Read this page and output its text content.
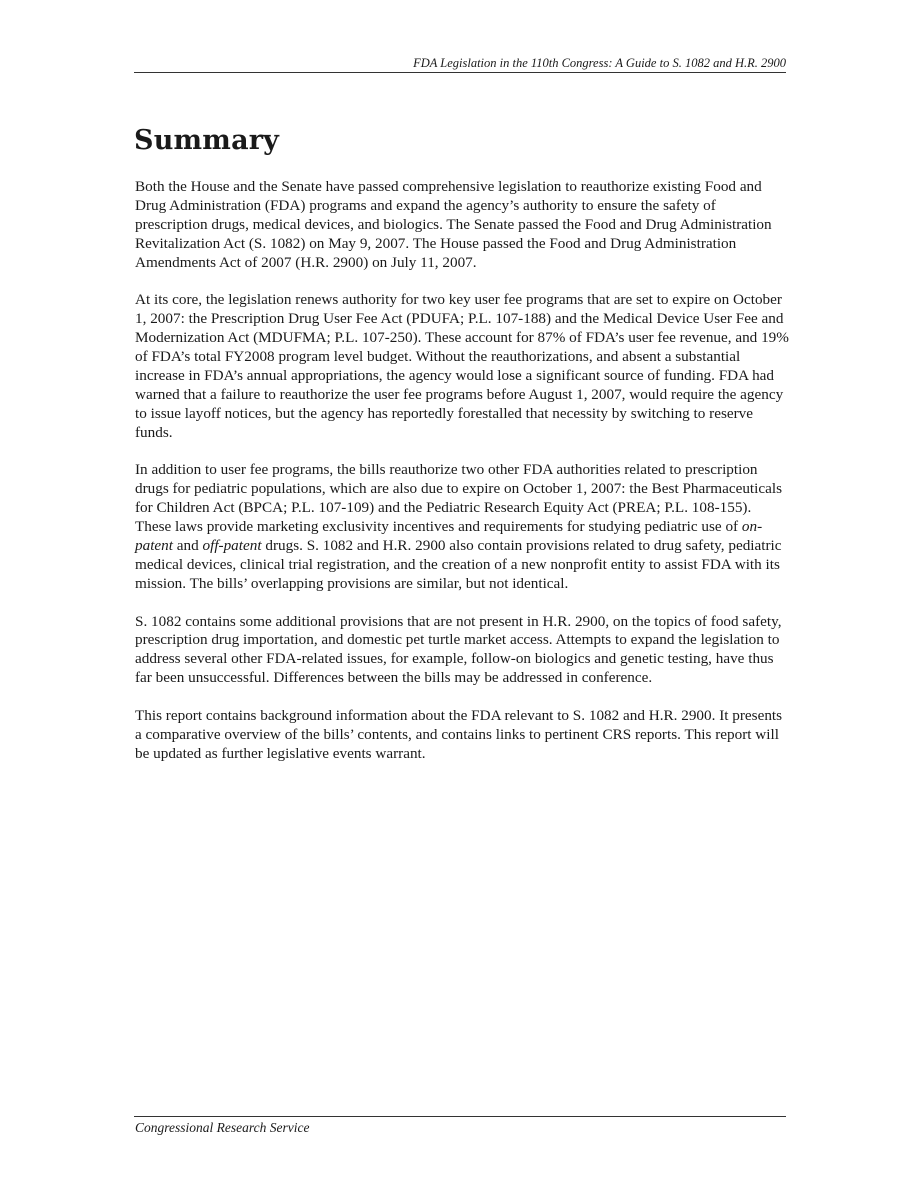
FDA Legislation in the 110th Congress: A Guide to S. 1082 and H.R. 2900
Summary

Both the House and the Senate have passed comprehensive legislation to reauthorize existing Food and Drug Administration (FDA) programs and expand the agency’s authority to ensure the safety of prescription drugs, medical devices, and biologics. The Senate passed the Food and Drug Administration Revitalization Act (S. 1082) on May 9, 2007. The House passed the Food and Drug Administration Amendments Act of 2007 (H.R. 2900) on July 11, 2007.

At its core, the legislation renews authority for two key user fee programs that are set to expire on October 1, 2007: the Prescription Drug User Fee Act (PDUFA; P.L. 107-188) and the Medical Device User Fee and Modernization Act (MDUFMA; P.L. 107-250). These account for 87% of FDA’s user fee revenue, and 19% of FDA’s total FY2008 program level budget. Without the reauthorizations, and absent a substantial increase in FDA’s annual appropriations, the agency would lose a significant source of funding. FDA had warned that a failure to reauthorize the user fee programs before August 1, 2007, would require the agency to issue layoff notices, but the agency has reportedly forestalled that necessity by switching to reserve funds.

In addition to user fee programs, the bills reauthorize two other FDA authorities related to prescription drugs for pediatric populations, which are also due to expire on October 1, 2007: the Best Pharmaceuticals for Children Act (BPCA; P.L. 107-109) and the Pediatric Research Equity Act (PREA; P.L. 108-155). These laws provide marketing exclusivity incentives and requirements for studying pediatric use of on-patent and off-patent drugs. S. 1082 and H.R. 2900 also contain provisions related to drug safety, pediatric medical devices, clinical trial registration, and the creation of a new nonprofit entity to assist FDA with its mission. The bills’ overlapping provisions are similar, but not identical.

S. 1082 contains some additional provisions that are not present in H.R. 2900, on the topics of food safety, prescription drug importation, and domestic pet turtle market access. Attempts to expand the legislation to address several other FDA-related issues, for example, follow-on biologics and genetic testing, have thus far been unsuccessful. Differences between the bills may be addressed in conference.

This report contains background information about the FDA relevant to S. 1082 and H.R. 2900. It presents a comparative overview of the bills’ contents, and contains links to pertinent CRS reports. This report will be updated as further legislative events warrant.

Congressional Research Service
